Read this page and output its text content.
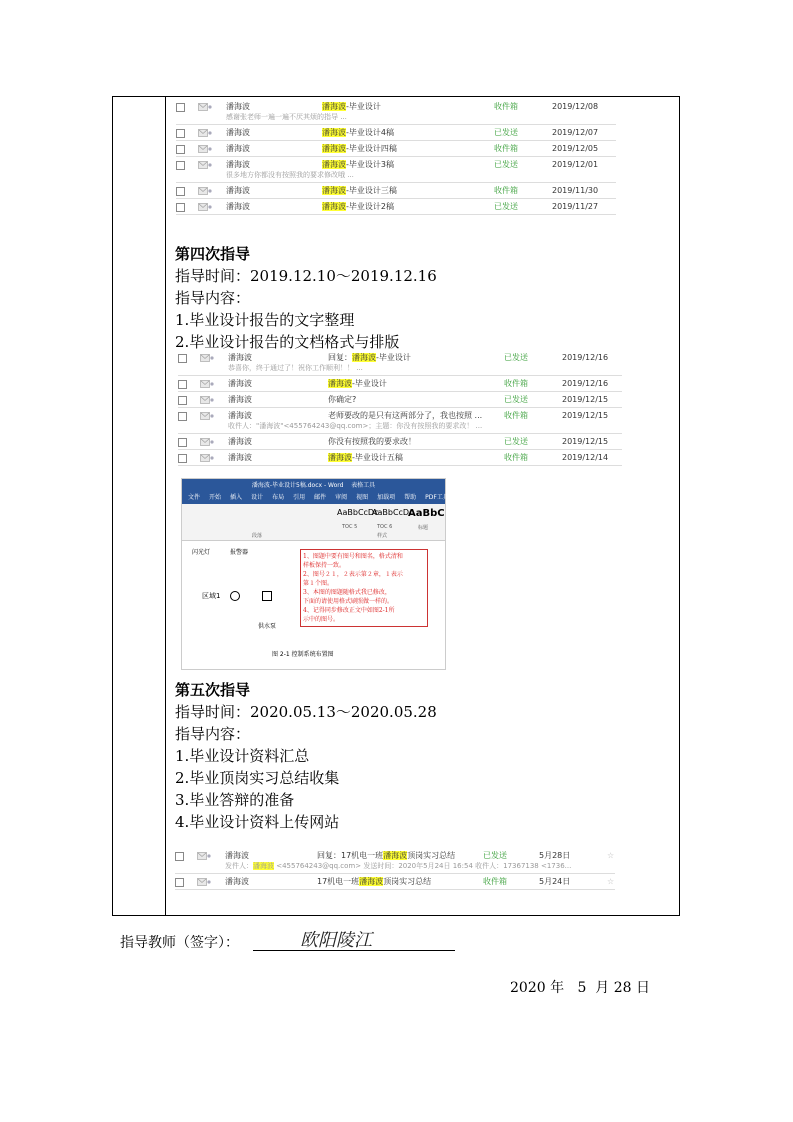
潘海波	潘海波-毕业设计	收件箱	2019/12/08
感谢张老师一遍一遍不厌其烦的指导 ...
潘海波	潘海波-毕业设计4稿	已发送	2019/12/07
潘海波	潘海波-毕业设计四稿	收件箱	2019/12/05
潘海波	潘海波-毕业设计3稿	已发送	2019/12/01
很多地方你都没有按照我的要求修改哦 ...
潘海波	潘海波-毕业设计三稿	收件箱	2019/11/30
潘海波	潘海波-毕业设计2稿	已发送	2019/11/27
第四次指导
指导时间：2019.12.10～2019.12.16
指导内容：
1.毕业设计报告的文字整理
2.毕业设计报告的文档格式与排版
潘海波	回复：潘海波-毕业设计	已发送	2019/12/16
恭喜你，终于通过了！祝你工作顺利！！ ...
潘海波	潘海波-毕业设计	收件箱	2019/12/16
潘海波	你确定?	已发送	2019/12/15
潘海波	老师要改的是只有这两部分了，我也按照 ...	收件箱	2019/12/15
收件人："潘海波"<455764243@qq.com>；主题：你没有按照我的要求改！ ...
潘海波	你没有按照我的要求改！	已发送	2019/12/15
潘海波	潘海波-毕业设计五稿	收件箱	2019/12/14
潘海波-毕业设计5稿.docx - Word 表格工具
文件 开始 插入 设计 布局 引用 邮件 审阅 视图 加载项 帮助 PDF工具集 百度网盘 设计 布局
AaBbCcDc
TOC 5
AaBbCcDc
TOC 6
AaBbC
标题
段落	样式
闪光灯	报警器
区域1
供水泵
图 2-1 控制系统布置图
1、图题中要有图号和图名，格式清和
样板保持一致。
2、图号２１，２表示第２章，１表示
第１个图。
3、本图的图题随格式我已修改，
下面的请使用格式刷照做一样的。
4、记得同步修改正文中如图2-1所
示中的图号。
第五次指导
指导时间：2020.05.13～2020.05.28
指导内容：
1.毕业设计资料汇总
2.毕业顶岗实习总结收集
3.毕业答辩的准备
4.毕业设计资料上传网站
潘海波	回复：17机电一班潘海波顶岗实习总结	已发送	5月28日	☆
发件人：潘海波 <455764243@qq.com> 发送时间：2020年5月24日 16:54 收件人：17367138 <1736...
潘海波	17机电一班潘海波顶岗实习总结	收件箱	5月24日	☆
指导教师（签字）：	欧阳陵江
2020 年 5 月 28 日
